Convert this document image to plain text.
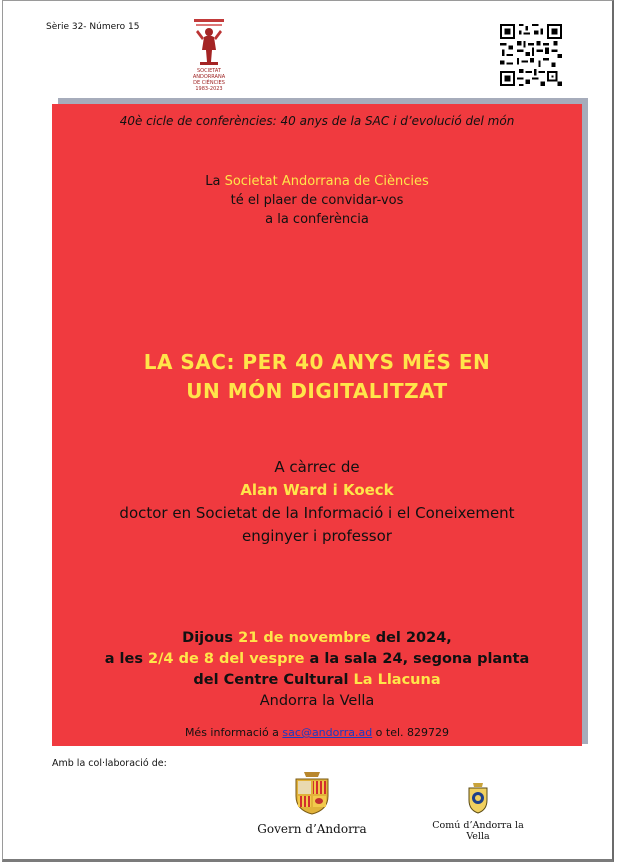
Sèrie 32- Número 15
SOCIETAT
ANDORRANA
DE CIÈNCIES
1983-2023
40è cicle de conferències: 40 anys de la SAC i d’evolució del món
La Societat Andorrana de Ciències
té el plaer de convidar-vos
a la conferència
LA SAC: PER 40 ANYS MÉS EN
UN MÓN DIGITALITZAT
A càrrec de
Alan Ward i Koeck
doctor en Societat de la Informació i el Coneixement
enginyer i professor
Dijous 21 de novembre del 2024,
a les 2/4 de 8 del vespre a la sala 24, segona planta
del Centre Cultural La Llacuna
Andorra la Vella
Més informació a sac@andorra.ad o tel. 829729
Amb la col·laboració de:
Govern d’Andorra	Comú d’Andorra la Vella
